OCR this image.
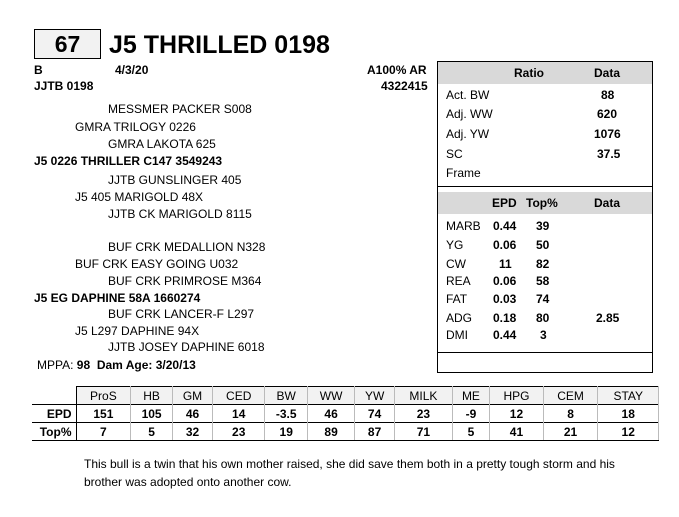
67	J5 THRILLED 0198
B	4/3/20	A100% AR
JJTB 0198	4322415
MESSMER PACKER S008
GMRA TRILOGY 0226
GMRA LAKOTA 625
J5 0226 THRILLER C147 3549243
JJTB GUNSLINGER 405
J5 405 MARIGOLD 48X
JJTB CK MARIGOLD 8115
BUF CRK MEDALLION N328
BUF CRK EASY GOING U032
BUF CRK PRIMROSE M364
J5 EG DAPHINE 58A 1660274
BUF CRK LANCER-F L297
J5 L297 DAPHINE 94X
JJTB JOSEY DAPHINE 6018
MPPA: 98 Dam Age: 3/20/13
Ratio	Data
Act. BW	88
Adj. WW	620
Adj. YW	1076
SC	37.5
Frame
EPD Top%	Data
MARB 0.44 39
YG 0.06 50
CW	11 82
REA 0.06 58
FAT 0.03 74
ADG 0.18 80	2.85
DMI 0.44 3
	ProS	HB	GM	CED	BW	WW	YW	MILK	ME	HPG	CEM	STAY
EPD	151	105	46	14	-3.5	46	74	23	-9	12	8	18
Top%	7	5	32	23	19	89	87	71	5	41	21	12
This bull is a twin that his own mother raised, she did save them both in a pretty tough storm and his brother was adopted onto another cow.
